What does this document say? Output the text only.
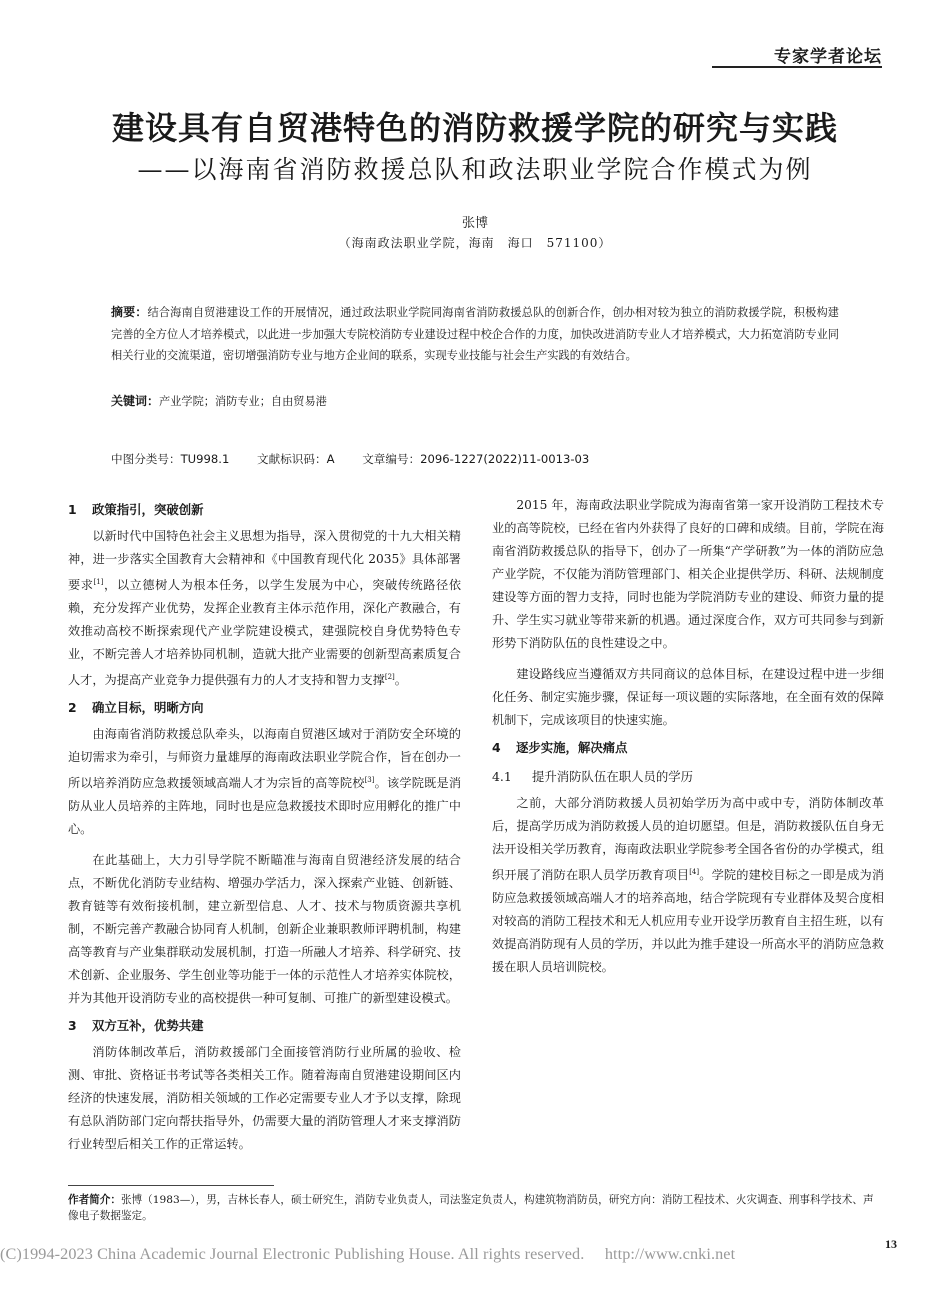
专家学者论坛
建设具有自贸港特色的消防救援学院的研究与实践
——以海南省消防救援总队和政法职业学院合作模式为例
张博
（海南政法职业学院，海南　海口　571100）
摘要：结合海南自贸港建设工作的开展情况，通过政法职业学院同海南省消防救援总队的创新合作，创办相对较为独立的消防救援学院，积极构建完善的全方位人才培养模式，以此进一步加强大专院校消防专业建设过程中校企合作的力度，加快改进消防专业人才培养模式，大力拓宽消防专业同相关行业的交流渠道，密切增强消防专业与地方企业间的联系，实现专业技能与社会生产实践的有效结合。
关键词：产业学院；消防专业；自由贸易港
中图分类号：TU998.1 文献标识码：A 文章编号：2096-1227(2022)11-0013-03
1 政策指引，突破创新

以新时代中国特色社会主义思想为指导，深入贯彻党的十九大相关精神，进一步落实全国教育大会精神和《中国教育现代化 2035》具体部署要求[1]，以立德树人为根本任务，以学生发展为中心，突破传统路径依赖，充分发挥产业优势，发挥企业教育主体示范作用，深化产教融合，有效推动高校不断探索现代产业学院建设模式，建强院校自身优势特色专业，不断完善人才培养协同机制，造就大批产业需要的创新型高素质复合人才，为提高产业竞争力提供强有力的人才支持和智力支撑[2]。

2 确立目标，明晰方向

由海南省消防救援总队牵头，以海南自贸港区域对于消防安全环境的迫切需求为牵引，与师资力量雄厚的海南政法职业学院合作，旨在创办一所以培养消防应急救援领域高端人才为宗旨的高等院校[3]。该学院既是消防从业人员培养的主阵地，同时也是应急救援技术即时应用孵化的推广中心。

在此基础上，大力引导学院不断瞄准与海南自贸港经济发展的结合点，不断优化消防专业结构、增强办学活力，深入探索产业链、创新链、教育链等有效衔接机制，建立新型信息、人才、技术与物质资源共享机制，不断完善产教融合协同育人机制，创新企业兼职教师评聘机制，构建高等教育与产业集群联动发展机制，打造一所融人才培养、科学研究、技术创新、企业服务、学生创业等功能于一体的示范性人才培养实体院校，并为其他开设消防专业的高校提供一种可复制、可推广的新型建设模式。

3 双方互补，优势共建

消防体制改革后，消防救援部门全面接管消防行业所属的验收、检测、审批、资格证书考试等各类相关工作。随着海南自贸港建设期间区内经济的快速发展，消防相关领域的工作必定需要专业人才予以支撑，除现有总队消防部门定向帮扶指导外，仍需要大量的消防管理人才来支撑消防行业转型后相关工作的正常运转。

2015 年，海南政法职业学院成为海南省第一家开设消防工程技术专业的高等院校，已经在省内外获得了良好的口碑和成绩。目前，学院在海南省消防救援总队的指导下，创办了一所集“产学研教”为一体的消防应急产业学院，不仅能为消防管理部门、相关企业提供学历、科研、法规制度建设等方面的智力支持，同时也能为学院消防专业的建设、师资力量的提升、学生实习就业等带来新的机遇。通过深度合作，双方可共同参与到新形势下消防队伍的良性建设之中。

建设路线应当遵循双方共同商议的总体目标，在建设过程中进一步细化任务、制定实施步骤，保证每一项议题的实际落地，在全面有效的保障机制下，完成该项目的快速实施。

4 逐步实施，解决痛点
4.1 提升消防队伍在职人员的学历

之前，大部分消防救援人员初始学历为高中或中专，消防体制改革后，提高学历成为消防救援人员的迫切愿望。但是，消防救援队伍自身无法开设相关学历教育，海南政法职业学院参考全国各省份的办学模式，组织开展了消防在职人员学历教育项目[4]。学院的建校目标之一即是成为消防应急救援领域高端人才的培养高地，结合学院现有专业群体及契合度相对较高的消防工程技术和无人机应用专业开设学历教育自主招生班，以有效提高消防现有人员的学历，并以此为推手建设一所高水平的消防应急救援在职人员培训院校。

作者简介：张博（1983—），男，吉林长春人，硕士研究生，消防专业负责人，司法鉴定负责人，构建筑物消防员，研究方向：消防工程技术、火灾调查、刑事科学技术、声像电子数据鉴定。
(C)1994-2023 China Academic Journal Electronic Publishing House. All rights reserved.　 http://www.cnki.net
13
